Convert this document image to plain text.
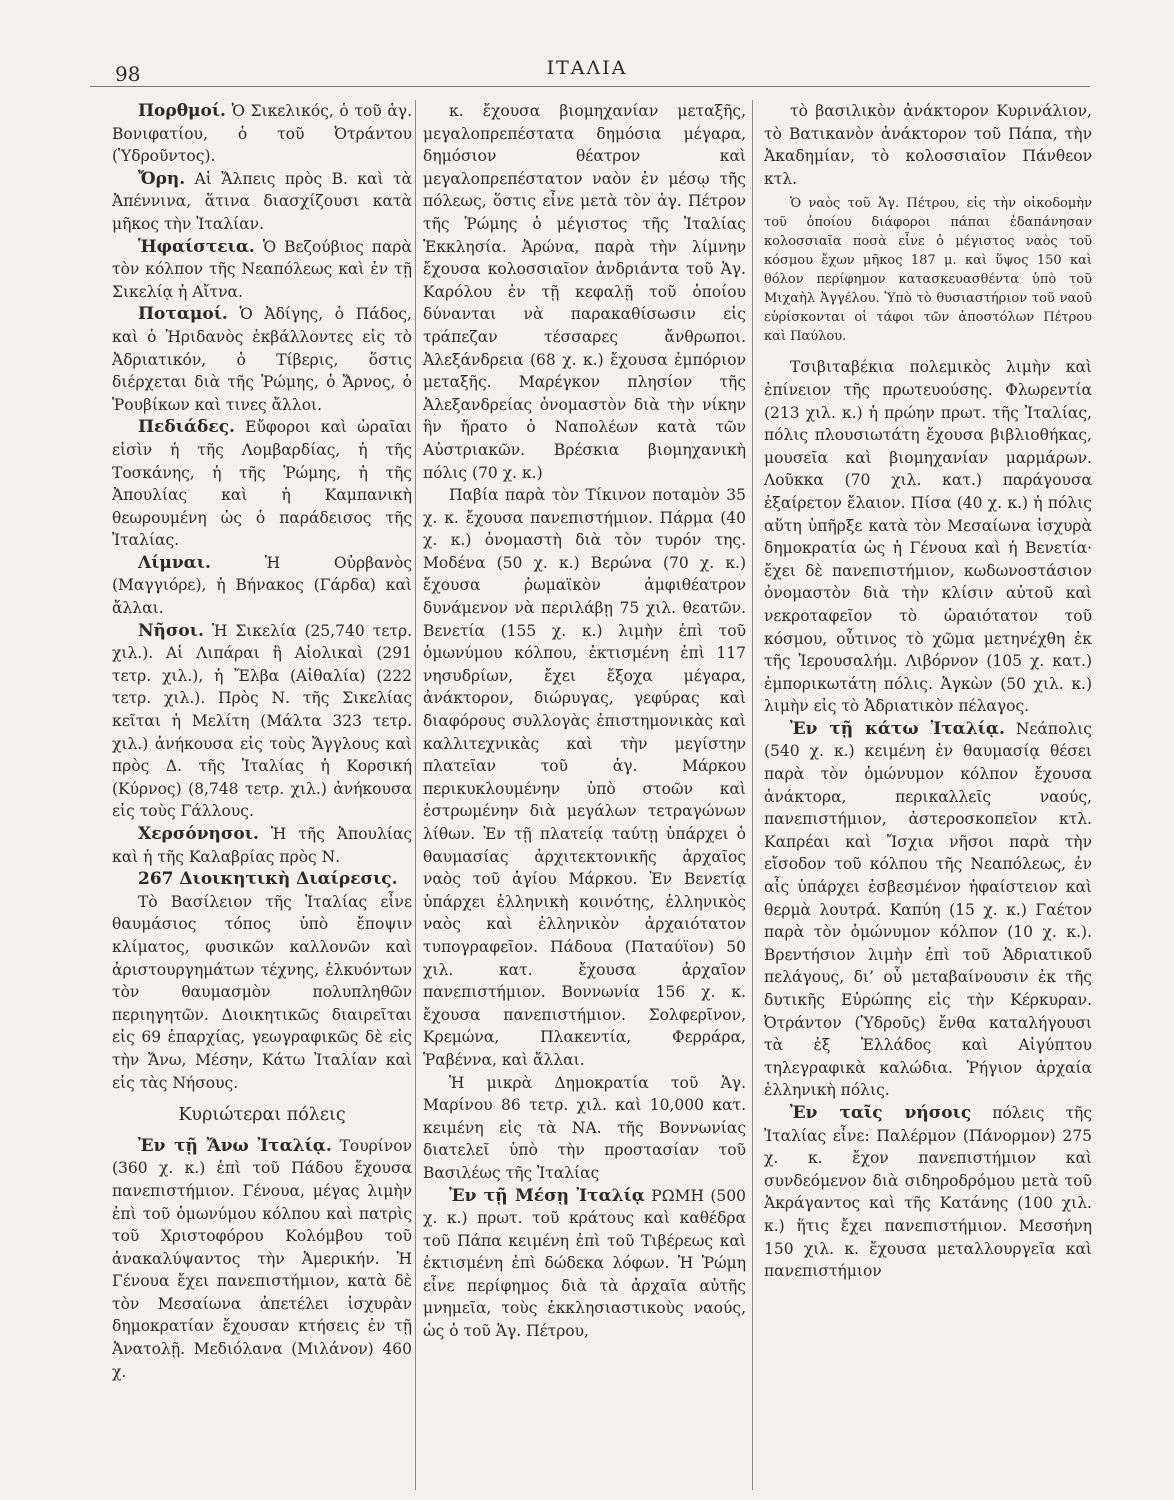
98	ΙΤΑΛΙΑ
Πορθμοί. Ὁ Σικελικός, ὁ τοῦ ἁγ. Βονιφατίου, ὁ τοῦ Ὀτράντου (Ὑδροῦντος).
Ὄρη. Αἱ Ἄλπεις πρὸς Β. καὶ τὰ Ἀπέννινα, ἅτινα διασχίζουσι κατὰ μῆκος τὴν Ἰταλίαν.
Ἡφαίστεια. Ὁ Βεζούβιος παρὰ τὸν κόλπον τῆς Νεαπόλεως καὶ ἐν τῇ Σικελίᾳ ἡ Αἴτνα.
Ποταμοί. Ὁ Ἀδίγης, ὁ Πάδος, καὶ ὁ Ἠριδανὸς ἐκβάλλοντες εἰς τὸ Ἀδριατικόν, ὁ Τίβερις, ὅστις διέρχεται διὰ τῆς Ῥώμης, ὁ Ἄρνος, ὁ Ῥουβίκων καὶ τινες ἄλλοι.
Πεδιάδες. Εὔφοροι καὶ ὡραῖαι εἰσὶν ἡ τῆς Λομβαρδίας, ἡ τῆς Τοσκάνης, ἡ τῆς Ῥώμης, ἡ τῆς Ἀπουλίας καὶ ἡ Καμπανικὴ θεωρουμένη ὡς ὁ παράδεισος τῆς Ἰταλίας.
Λίμναι. Ἡ Οὐρβανὸς (Μαγγιόρε), ἡ Βήνακος (Γάρδα) καὶ ἄλλαι.
Νῆσοι. Ἡ Σικελία (25,740 τετρ. χιλ.). Αἱ Λιπάραι ἢ Αἰολικαὶ (291 τετρ. χιλ.), ἡ Ἔλβα (Αἰθαλία) (222 τετρ. χιλ.). Πρὸς Ν. τῆς Σικελίας κεῖται ἡ Μελίτη (Μάλτα 323 τετρ. χιλ.) ἀνήκουσα εἰς τοὺς Ἄγγλους καὶ πρὸς Δ. τῆς Ἰταλίας ἡ Κορσική (Κύρνος) (8,748 τετρ. χιλ.) ἀνήκουσα εἰς τοὺς Γάλλους.
Χερσόνησοι. Ἡ τῆς Ἀπουλίας καὶ ἡ τῆς Καλαβρίας πρὸς Ν.
267 Διοικητικὴ Διαίρεσις.
Τὸ Βασίλειον τῆς Ἰταλίας εἶνε θαυμάσιος τόπος ὑπὸ ἔποψιν κλίματος, φυσικῶν καλλονῶν καὶ ἀριστουργημάτων τέχνης, ἑλκυόντων τὸν θαυμασμὸν πολυπληθῶν περιηγητῶν. Διοικητικῶς διαιρεῖται εἰς 69 ἐπαρχίας, γεωγραφικῶς δὲ εἰς τὴν Ἄνω, Μέσην, Κάτω Ἰταλίαν καὶ εἰς τὰς Νήσους.
Κυριώτεραι πόλεις
Ἐν τῇ Ἄνω Ἰταλίᾳ. Τουρίνον (360 χ. κ.) ἐπὶ τοῦ Πάδου ἔχουσα πανεπιστήμιον. Γένουα, μέγας λιμὴν ἐπὶ τοῦ ὁμωνύμου κόλπου καὶ πατρὶς τοῦ Χριστοφόρου Κολόμβου τοῦ ἀνακαλύψαντος τὴν Ἀμερικήν. Ἡ Γένουα ἔχει πανεπιστήμιον, κατὰ δὲ τὸν Μεσαίωνα ἀπετέλει ἰσχυρὰν δημοκρατίαν ἔχουσαν κτήσεις ἐν τῇ Ἀνατολῇ. Μεδιόλανα (Μιλάνον) 460 χ.
κ. ἔχουσα βιομηχανίαν μεταξῆς, μεγαλοπρεπέστατα δημόσια μέγαρα, δημόσιον θέατρον καὶ μεγαλοπρεπέστατον ναὸν ἐν μέσῳ τῆς πόλεως, ὅστις εἶνε μετὰ τὸν ἁγ. Πέτρον τῆς Ῥώμης ὁ μέγιστος τῆς Ἰταλίας Ἐκκλησία. Ἀρώνα, παρὰ τὴν λίμνην ἔχουσα κολοσσιαῖον ἀνδριάντα τοῦ Ἁγ. Καρόλου ἐν τῇ κεφαλῇ τοῦ ὁποίου δύνανται νὰ παρακαθίσωσιν εἰς τράπεζαν τέσσαρες ἄνθρωποι. Ἀλεξάνδρεια (68 χ. κ.) ἔχουσα ἐμπόριον μεταξῆς. Μαρέγκον πλησίον τῆς Ἀλεξανδρείας ὀνομαστὸν διὰ τὴν νίκην ἣν ἤρατο ὁ Ναπολέων κατὰ τῶν Αὐστριακῶν. Βρέσκια βιομηχανικὴ πόλις (70 χ. κ.)
Παβία παρὰ τὸν Τίκινον ποταμὸν 35 χ. κ. ἔχουσα πανεπιστήμιον. Πάρμα (40 χ. κ.) ὀνομαστὴ διὰ τὸν τυρόν της. Μοδένα (50 χ. κ.) Βερώνα (70 χ. κ.) ἔχουσα ῥωμαϊκὸν ἀμφιθέατρον δυνάμενον νὰ περιλάβῃ 75 χιλ. θεατῶν. Βενετία (155 χ. κ.) λιμὴν ἐπὶ τοῦ ὁμωνύμου κόλπου, ἐκτισμένη ἐπὶ 117 νησυδρίων, ἔχει ἔξοχα μέγαρα, ἀνάκτορον, διώρυγας, γεφύρας καὶ διαφόρους συλλογὰς ἐπιστημονικὰς καὶ καλλιτεχνικὰς καὶ τὴν μεγίστην πλατεῖαν τοῦ ἁγ. Μάρκου περικυκλουμένην ὑπὸ στοῶν καὶ ἐστρωμένην διὰ μεγάλων τετραγώνων λίθων. Ἐν τῇ πλατείᾳ ταύτῃ ὑπάρχει ὁ θαυμασίας ἀρχιτεκτονικῆς ἀρχαῖος ναὸς τοῦ ἁγίου Μάρκου. Ἐν Βενετίᾳ ὑπάρχει ἑλληνικὴ κοινότης, ἑλληνικὸς ναὸς καὶ ἑλληνικὸν ἀρχαιότατον τυπογραφεῖον. Πάδουα (Παταύϊον) 50 χιλ. κατ. ἔχουσα ἀρχαῖον πανεπιστήμιον. Βοννωνία 156 χ. κ. ἔχουσα πανεπιστήμιον. Σολφερῖνον, Κρεμώνα, Πλακεντία, Φερράρα, Ῥαβέννα, καὶ ἄλλαι.
Ἡ μικρὰ Δημοκρατία τοῦ Ἁγ. Μαρίνου 86 τετρ. χιλ. καὶ 10,000 κατ. κειμένη εἰς τὰ ΝΑ. τῆς Βοννωνίας διατελεῖ ὑπὸ τὴν προστασίαν τοῦ Βασιλέως τῆς Ἰταλίας
Ἐν τῇ Μέσῃ Ἰταλίᾳ ΡΩΜΗ (500 χ. κ.) πρωτ. τοῦ κράτους καὶ καθέδρα τοῦ Πάπα κειμένη ἐπὶ τοῦ Τιβέρεως καὶ ἐκτισμένη ἐπὶ δώδεκα λόφων. Ἡ Ῥώμη εἶνε περίφημος διὰ τὰ ἀρχαῖα αὐτῆς μνημεῖα, τοὺς ἐκκλησιαστικοὺς ναούς, ὡς ὁ τοῦ Ἁγ. Πέτρου,
τὸ βασιλικὸν ἀνάκτορον Κυρινάλιον, τὸ Βατικανὸν ἀνάκτορον τοῦ Πάπα, τὴν Ἀκαδημίαν, τὸ κολοσσιαῖον Πάνθεον κτλ.
Ὁ ναὸς τοῦ Ἁγ. Πέτρου, εἰς τὴν οἰκοδομὴν τοῦ ὁποίου διάφοροι πάπαι ἐδαπάνησαν κολοσσιαῖα ποσὰ εἶνε ὁ μέγιστος ναὸς τοῦ κόσμου ἔχων μῆκος 187 μ. καὶ ὕψος 150 καὶ θόλον περίφημον κατασκευασθέντα ὑπὸ τοῦ Μιχαὴλ Ἀγγέλου. Ὑπὸ τὸ θυσιαστήριον τοῦ ναοῦ εὑρίσκονται οἱ τάφοι τῶν ἀποστόλων Πέτρου καὶ Παύλου.
Τσιβιταβέκια πολεμικὸς λιμὴν καὶ ἐπίνειον τῆς πρωτευούσης. Φλωρεντία (213 χιλ. κ.) ἡ πρώην πρωτ. τῆς Ἰταλίας, πόλις πλουσιωτάτη ἔχουσα βιβλιοθήκας, μουσεῖα καὶ βιομηχανίαν μαρμάρων. Λοῦκκα (70 χιλ. κατ.) παράγουσα ἐξαίρετον ἔλαιον. Πίσα (40 χ. κ.) ἡ πόλις αὕτη ὑπῆρξε κατὰ τὸν Μεσαίωνα ἰσχυρὰ δημοκρατία ὡς ἡ Γένουα καὶ ἡ Βενετία· ἔχει δὲ πανεπιστήμιον, κωδωνοστάσιον ὀνομαστὸν διὰ τὴν κλίσιν αὐτοῦ καὶ νεκροταφεῖον τὸ ὡραιότατον τοῦ κόσμου, οὗτινος τὸ χῶμα μετηνέχθη ἐκ τῆς Ἱερουσαλήμ. Λιβόρνον (105 χ. κατ.) ἐμπορικωτάτη πόλις. Ἀγκὼν (50 χιλ. κ.) λιμὴν εἰς τὸ Ἀδριατικὸν πέλαγος.
Ἐν τῇ κάτω Ἰταλίᾳ. Νεάπολις (540 χ. κ.) κειμένη ἐν θαυμασίᾳ θέσει παρὰ τὸν ὁμώνυμον κόλπον ἔχουσα ἀνάκτορα, περικαλλεῖς ναούς, πανεπιστήμιον, ἀστεροσκοπεῖον κτλ. Καπρέαι καὶ Ἴσχια νῆσοι παρὰ τὴν εἴσοδον τοῦ κόλπου τῆς Νεαπόλεως, ἐν αἷς ὑπάρχει ἐσβεσμένον ἡφαίστειον καὶ θερμὰ λουτρά. Καπύη (15 χ. κ.) Γαέτον παρὰ τὸν ὁμώνυμον κόλπον (10 χ. κ.). Βρεντήσιον λιμὴν ἐπὶ τοῦ Ἀδριατικοῦ πελάγους, δι’ οὗ μεταβαίνουσιν ἐκ τῆς δυτικῆς Εὐρώπης εἰς τὴν Κέρκυραν. Ὀτράντον (Ὑδροῦς) ἔνθα καταλήγουσι τὰ ἐξ Ἑλλάδος καὶ Αἰγύπτου τηλεγραφικὰ καλώδια. Ῥήγιον ἀρχαία ἑλληνικὴ πόλις.
Ἐν ταῖς νήσοις πόλεις τῆς Ἰταλίας εἶνε: Παλέρμον (Πάνορμον) 275 χ. κ. ἔχον πανεπιστήμιον καὶ συνδεόμενον διὰ σιδηροδρόμου μετὰ τοῦ Ἀκράγαντος καὶ τῆς Κατάνης (100 χιλ. κ.) ἥτις ἔχει πανεπιστήμιον. Μεσσήνη 150 χιλ. κ. ἔχουσα μεταλλουργεῖα καὶ πανεπιστήμιον
